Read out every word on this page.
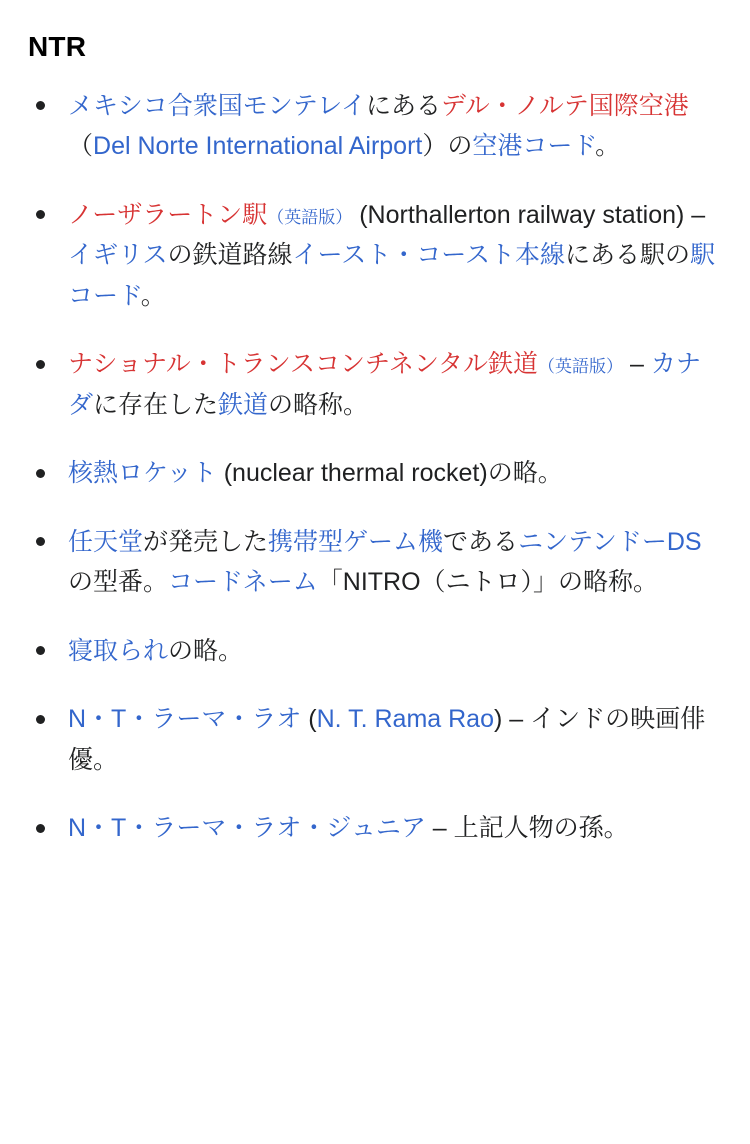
NTR
メキシコ合衆国モンテレイにあるデル・ノルテ国際空港（Del Norte International Airport）の空港コード。
ノーザラートン駅（英語版） (Northallerton railway station) – イギリスの鉄道路線イースト・コースト本線にある駅の駅コード。
ナショナル・トランスコンチネンタル鉄道（英語版） – カナダに存在した鉄道の略称。
核熱ロケット (nuclear thermal rocket)の略。
任天堂が発売した携帯型ゲーム機であるニンテンドーDSの型番。コードネーム「NITRO（ニトロ）」の略称。
寝取られの略。
N・T・ラーマ・ラオ (N. T. Rama Rao) – インドの映画俳優。
N・T・ラーマ・ラオ・ジュニア – 上記人物の孫。
